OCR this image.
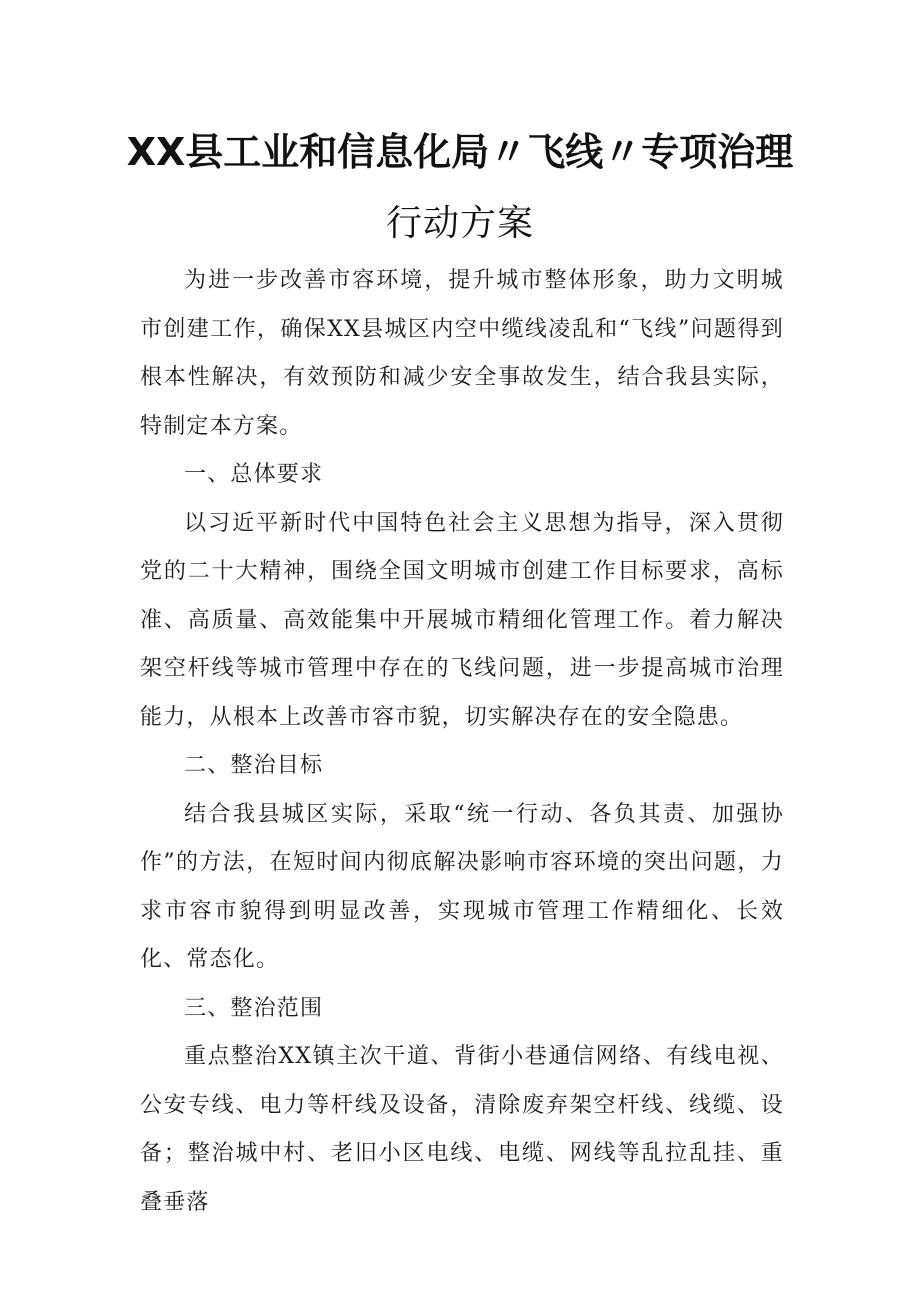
XX县工业和信息化局〃飞线〃专项治理
行动方案

为进一步改善市容环境，提升城市整体形象，助力文明城市创建工作，确保XX县城区内空中缆线凌乱和“飞线”问题得到根本性解决，有效预防和减少安全事故发生，结合我县实际，特制定本方案。

一、总体要求

以习近平新时代中国特色社会主义思想为指导，深入贯彻党的二十大精神，围绕全国文明城市创建工作目标要求，高标准、高质量、高效能集中开展城市精细化管理工作。着力解决架空杆线等城市管理中存在的飞线问题，进一步提高城市治理能力，从根本上改善市容市貌，切实解决存在的安全隐患。

二、整治目标

结合我县城区实际，采取“统一行动、各负其责、加强协作”的方法，在短时间内彻底解决影响市容环境的突出问题，力求市容市貌得到明显改善，实现城市管理工作精细化、长效化、常态化。

三、整治范围

重点整治XX镇主次干道、背街小巷通信网络、有线电视、公安专线、电力等杆线及设备，清除废弃架空杆线、线缆、设备；整治城中村、老旧小区电线、电缆、网线等乱拉乱挂、重叠垂落
